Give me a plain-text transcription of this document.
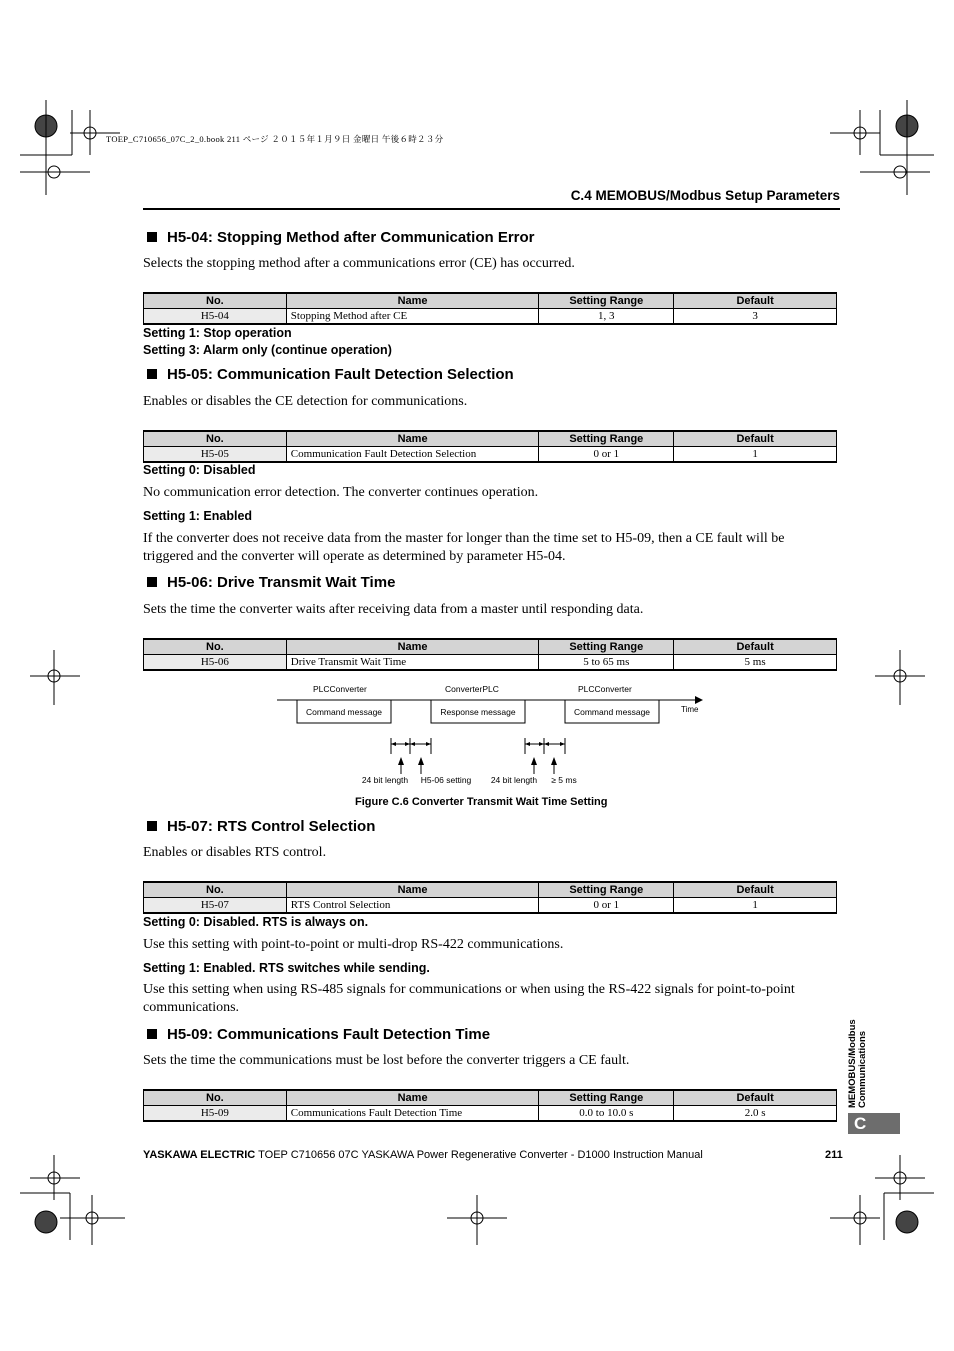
TOEP_C710656_07C_2_0.book 211 ページ ２０１５年１月９日 金曜日 午後６時２３分
C.4 MEMOBUS/Modbus Setup Parameters
H5-04: Stopping Method after Communication Error
Selects the stopping method after a communications error (CE) has occurred.
No.	Name	Setting Range	Default
H5-04	Stopping Method after CE	1, 3	3
Setting 1: Stop operation
Setting 3: Alarm only (continue operation)
H5-05: Communication Fault Detection Selection
Enables or disables the CE detection for communications.
No.	Name	Setting Range	Default
H5-05	Communication Fault Detection Selection	0 or 1	1
Setting 0: Disabled
No communication error detection. The converter continues operation.
Setting 1: Enabled
If the converter does not receive data from the master for longer than the time set to H5-09, then a CE fault will be triggered and the converter will operate as determined by parameter H5-04.
H5-06: Drive Transmit Wait Time
Sets the time the converter waits after receiving data from a master until responding data.
No.	Name	Setting Range	Default
H5-06	Drive Transmit Wait Time	5 to 65 ms	5 ms
PLCConverter	ConverterPLC	PLCConverter
Time
Command message	Response message	Command message
24 bit length H5-06 setting 24 bit length ≥ 5 ms
Figure C.6 Converter Transmit Wait Time Setting
H5-07: RTS Control Selection
Enables or disables RTS control.
No.	Name	Setting Range	Default
H5-07	RTS Control Selection	0 or 1	1
Setting 0: Disabled. RTS is always on.
Use this setting with point-to-point or multi-drop RS-422 communications.
Setting 1: Enabled. RTS switches while sending.
Use this setting when using RS-485 signals for communications or when using the RS-422 signals for point-to-point communications.
H5-09: Communications Fault Detection Time
Sets the time the communications must be lost before the converter triggers a CE fault.
No.	Name	Setting Range	Default
H5-09	Communications Fault Detection Time	0.0 to 10.0 s	2.0 s
MEMOBUS/Modbus Communications
C
YASKAWA ELECTRIC TOEP C710656 07C YASKAWA Power Regenerative Converter - D1000 Instruction Manual	211
